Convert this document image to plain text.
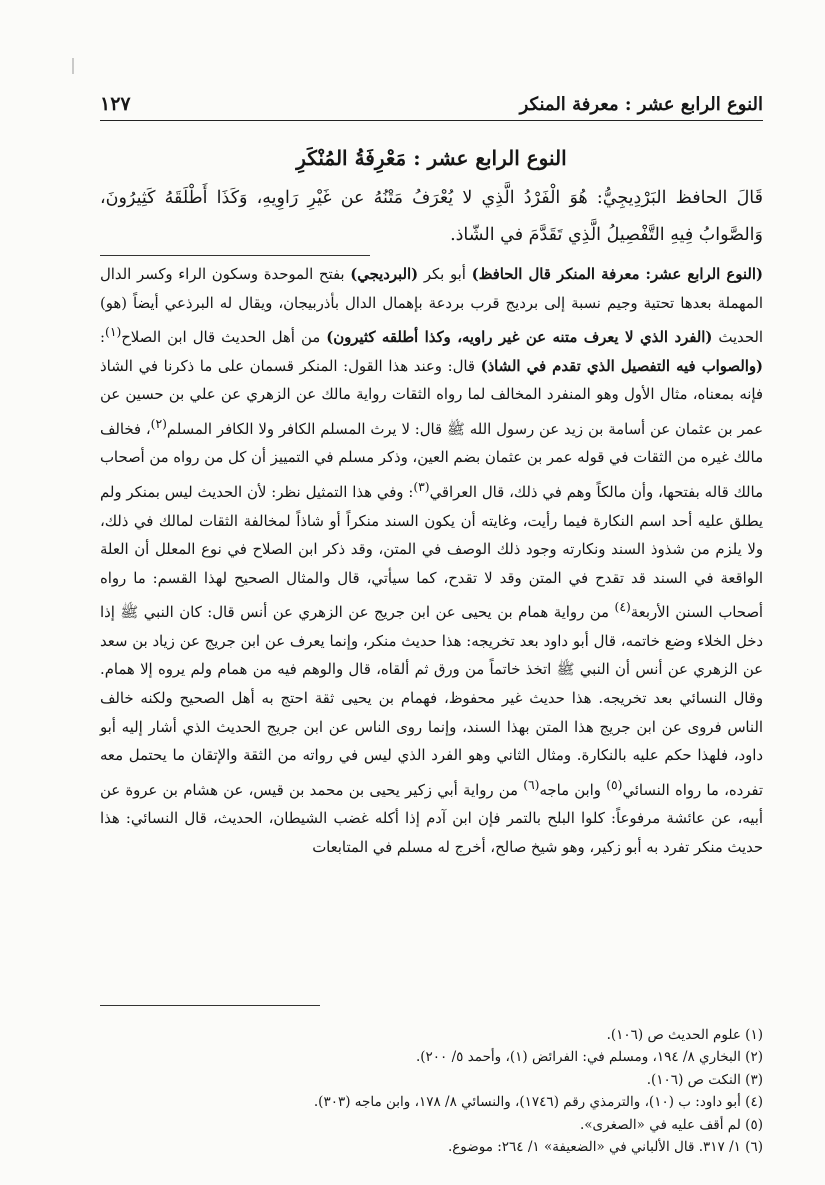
النوع الرابع عشر : معرفة المنكر
١٢٧
النوع الرابع عشر : مَعْرِفَةُ المُنْكَرِ
قَالَ الحافظ البَرْدِيجِيُّ: هُوَ الْفَرْدُ الَّذِي لا يُعْرَفُ مَتْنُهُ عن غَيْرِ رَاوِيهِ، وَكَذَا أَطْلَقَهُ كَثِيرُونَ، وَالصَّوابُ فِيهِ التَّفْصِيلُ الَّذِي تَقَدَّمَ في الشّاذ.
(النوع الرابع عشر: معرفة المنكر قال الحافظ) أبو بكر (البرديجي) بفتح الموحدة وسكون الراء وكسر الدال المهملة بعدها تحتية وجيم نسبة إلى برديج قرب بردعة بإهمال الدال بأذربيجان، ويقال له البرذعي أيضاً (هو) الحديث (الفرد الذي لا يعرف متنه عن غير راويه، وكذا أطلقه كثيرون) من أهل الحديث قال ابن الصلاح$^{(١)}$: (والصواب فيه التفصيل الذي تقدم في الشاذ) قال: وعند هذا القول: المنكر قسمان على ما ذكرنا في الشاذ فإنه بمعناه، مثال الأول وهو المنفرد المخالف لما رواه الثقات رواية مالك عن الزهري عن علي بن حسين عن عمر بن عثمان عن أسامة بن زيد عن رسول الله ﷺ قال: لا يرث المسلم الكافر ولا الكافر المسلم$^{(٢)}$، فخالف مالك غيره من الثقات في قوله عمر بن عثمان بضم العين، وذكر مسلم في التمييز أن كل من رواه من أصحاب مالك قاله بفتحها، وأن مالكاً وهم في ذلك، قال العراقي$^{(٣)}$: وفي هذا التمثيل نظر: لأن الحديث ليس بمنكر ولم يطلق عليه أحد اسم النكارة فيما رأيت، وغايته أن يكون السند منكراً أو شاذاً لمخالفة الثقات لمالك في ذلك، ولا يلزم من شذوذ السند ونكارته وجود ذلك الوصف في المتن، وقد ذكر ابن الصلاح في نوع المعلل أن العلة الواقعة في السند قد تقدح في المتن وقد لا تقدح، كما سيأتي، قال والمثال الصحيح لهذا القسم: ما رواه أصحاب السنن الأربعة$^{(٤)}$ من رواية همام بن يحيى عن ابن جريج عن الزهري عن أنس قال: كان النبي ﷺ إذا دخل الخلاء وضع خاتمه، قال أبو داود بعد تخريجه: هذا حديث منكر، وإنما يعرف عن ابن جريج عن زياد بن سعد عن الزهري عن أنس أن النبي ﷺ اتخذ خاتماً من ورق ثم ألقاه، قال والوهم فيه من همام ولم يروه إلا همام. وقال النسائي بعد تخريجه. هذا حديث غير محفوظ، فهمام بن يحيى ثقة احتج به أهل الصحيح ولكنه خالف الناس فروى عن ابن جريج هذا المتن بهذا السند، وإنما روى الناس عن ابن جريج الحديث الذي أشار إليه أبو داود، فلهذا حكم عليه بالنكارة. ومثال الثاني وهو الفرد الذي ليس في رواته من الثقة والإتقان ما يحتمل معه تفرده، ما رواه النسائي$^{(٥)}$ وابن ماجه$^{(٦)}$ من رواية أبي زكير يحيى بن محمد بن قيس، عن هشام بن عروة عن أبيه، عن عائشة مرفوعاً: كلوا البلح بالتمر فإن ابن آدم إذا أكله غضب الشيطان، الحديث، قال النسائي: هذا حديث منكر تفرد به أبو زكير، وهو شيخ صالح، أخرج له مسلم في المتابعات
(١) علوم الحديث ص (١٠٦).
(٢) البخاري ٨/ ١٩٤، ومسلم في: الفرائض (١)، وأحمد ٥/ ٢٠٠).
(٣) النكت ص (١٠٦).
(٤) أبو داود: ب (١٠)، والترمذي رقم (١٧٤٦)، والنسائي ٨/ ١٧٨، وابن ماجه (٣٠٣).
(٥) لم أقف عليه في «الصغرى».
(٦) ١/ ٣١٧. قال الألباني في «الضعيفة» ١/ ٢٦٤: موضوع.
